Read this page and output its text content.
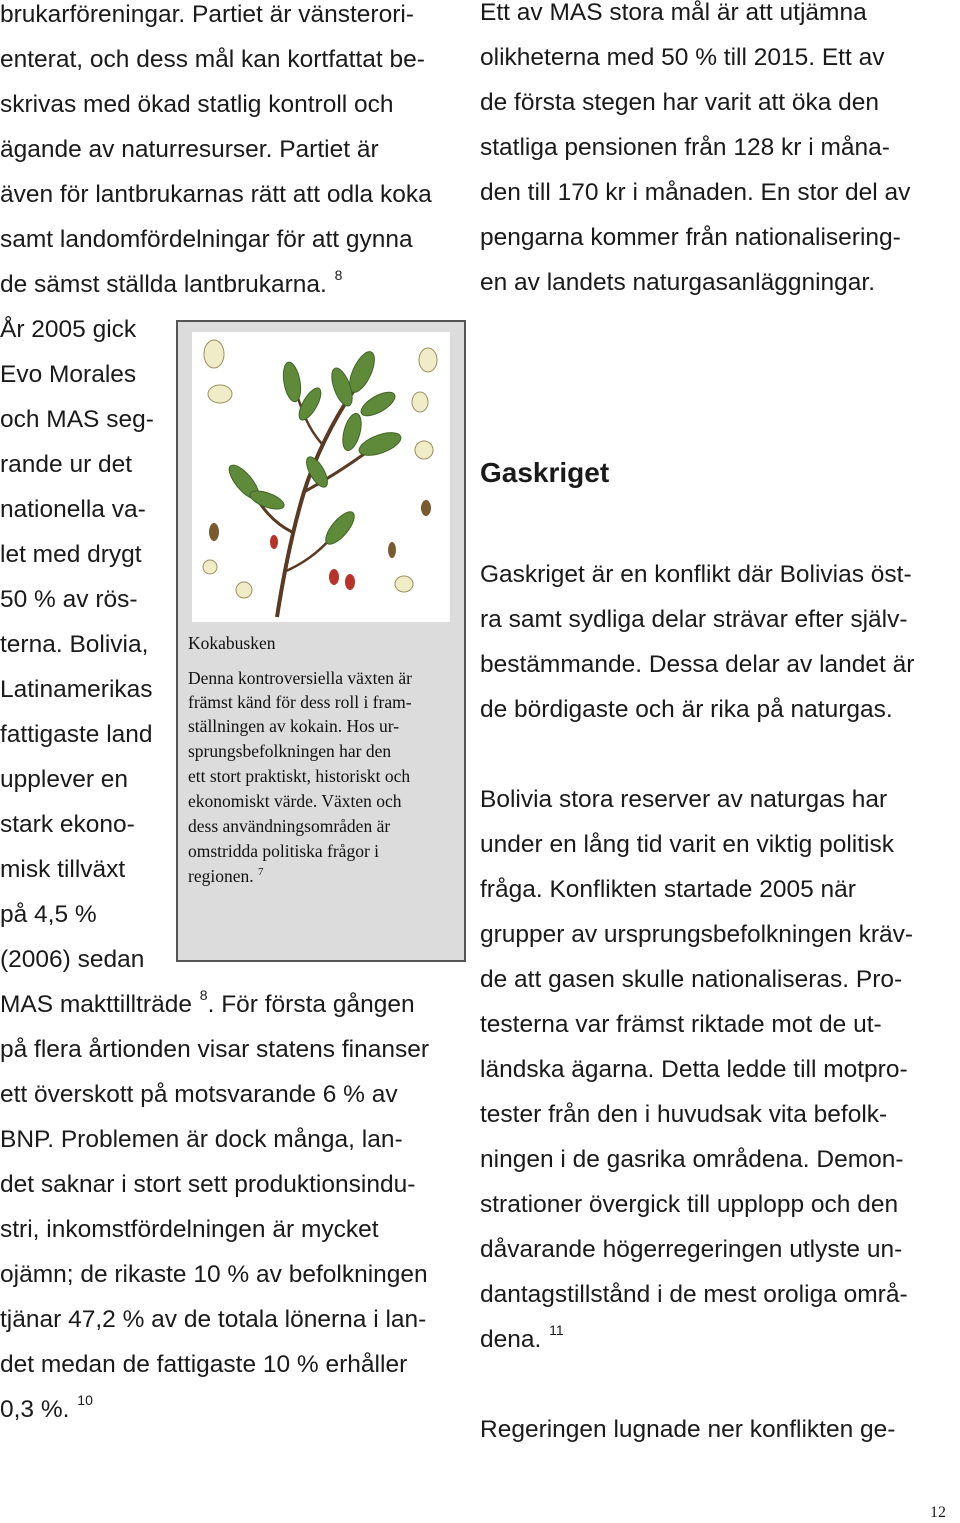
brukarföreningar. Partiet är vänsterori-
enterat, och dess mål kan kortfattat be-
skrivas med ökad statlig kontroll och
ägande av naturresurser. Partiet är
även för lantbrukarnas rätt att odla koka
samt landomfördelningar för att gynna
de sämst ställda lantbrukarna. $^8$
År 2005 gick
Evo Morales
och MAS seg-
rande ur det
nationella va-
let med drygt
50 % av rös-
terna. Bolivia,
Latinamerikas
fattigaste land
upplever en
stark ekono-
misk tillväxt
på 4,5 %
(2006) sedan
MAS makttillträde $^8$. För första gången
på flera årtionden visar statens finanser
ett överskott på motsvarande 6 % av
BNP. Problemen är dock många, lan-
det saknar i stort sett produktionsindu-
stri, inkomstfördelningen är mycket
ojämn; de rikaste 10 % av befolkningen
tjänar 47,2 % av de totala lönerna i lan-
det medan de fattigaste 10 % erhåller
0,3 %. $^{10}$
Kokabusken
Denna kontroversiella växten är
främst känd för dess roll i fram-
ställningen av kokain. Hos ur-
sprungsbefolkningen har den
ett stort praktiskt, historiskt och
ekonomiskt värde. Växten och
dess användningsområden är
omstridda politiska frågor i
regionen. $^7$
Ett av MAS stora mål är att utjämna
olikheterna med 50 % till 2015. Ett av
de första stegen har varit att öka den
statliga pensionen från 128 kr i måna-
den till 170 kr i månaden. En stor del av
pengarna kommer från nationalisering-
en av landets naturgasanläggningar.
Gaskriget
Gaskriget är en konflikt där Bolivias öst-
ra samt sydliga delar strävar efter själv-
bestämmande. Dessa delar av landet är
de bördigaste och är rika på naturgas.
Bolivia stora reserver av naturgas har
under en lång tid varit en viktig politisk
fråga. Konflikten startade 2005 när
grupper av ursprungsbefolkningen kräv-
de att gasen skulle nationaliseras. Pro-
testerna var främst riktade mot de ut-
ländska ägarna. Detta ledde till motpro-
tester från den i huvudsak vita befolk-
ningen i de gasrika områdena. Demon-
strationer övergick till upplopp och den
dåvarande högerregeringen utlyste un-
dantagstillstånd i de mest oroliga områ-
dena. $^{11}$
Regeringen lugnade ner konflikten ge-
12
